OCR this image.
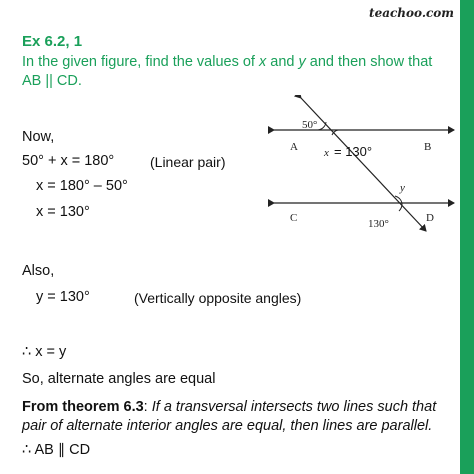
teachoo.com
Ex 6.2, 1
In the given figure, find the values of x and y and then show that AB || CD.
Now,
50° + x = 180°	(Linear pair)
x = 180° – 50°
x = 130°
Also,
y = 130°	(Vertically opposite angles)
∴ x = y
So, alternate angles are equal
From theorem 6.3: If a transversal intersects two lines such that pair of alternate interior angles are equal, then lines are parallel.
∴ AB ∥ CD
50°
A	B
x = 130°
y
C	D
130°
